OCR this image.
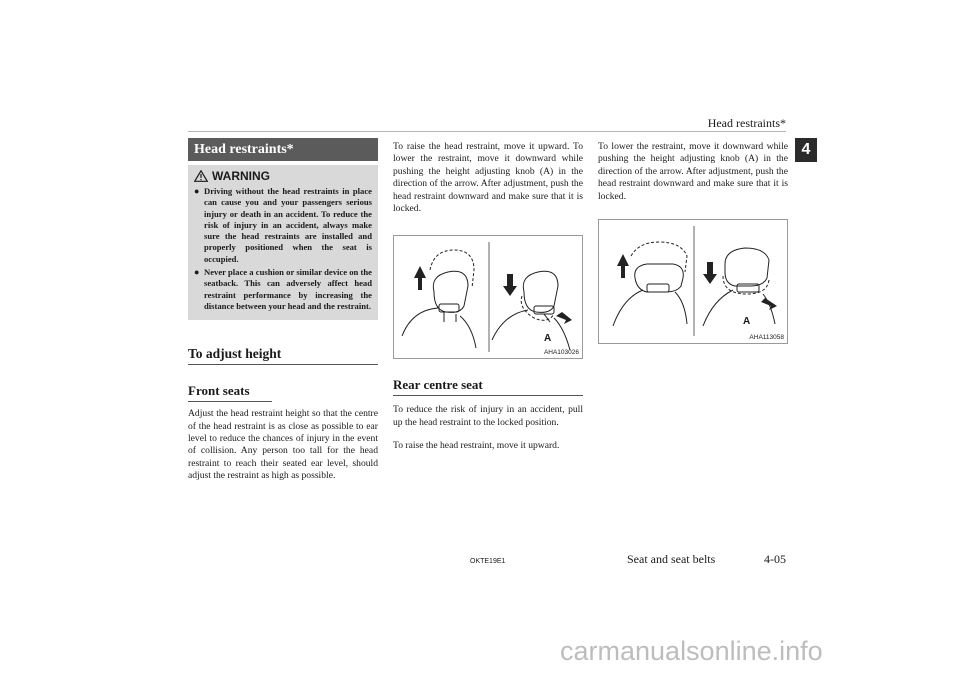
Head restraints*
4
Head restraints*
WARNING
● Driving without the head restraints in place can cause you and your passengers serious injury or death in an accident. To reduce the risk of injury in an accident, always make sure the head restraints are installed and properly positioned when the seat is occupied.
● Never place a cushion or similar device on the seatback. This can adversely affect head restraint performance by increasing the distance between your head and the restraint.
To adjust height
Front seats
Adjust the head restraint height so that the centre of the head restraint is as close as possible to ear level to reduce the chances of injury in the event of collision. Any person too tall for the head restraint to reach their seated ear level, should adjust the restraint as high as possible.
To raise the head restraint, move it upward. To lower the restraint, move it downward while pushing the height adjusting knob (A) in the direction of the arrow. After adjustment, push the head restraint downward and make sure that it is locked.
A
AHA103026
Rear centre seat
To reduce the risk of injury in an accident, pull up the head restraint to the locked position.
To raise the head restraint, move it upward.
To lower the restraint, move it downward while pushing the height adjusting knob (A) in the direction of the arrow. After adjustment, push the head restraint downward and make sure that it is locked.
A
AHA113058
OKTE19E1	Seat and seat belts	4-05
carmanualsonline.info
